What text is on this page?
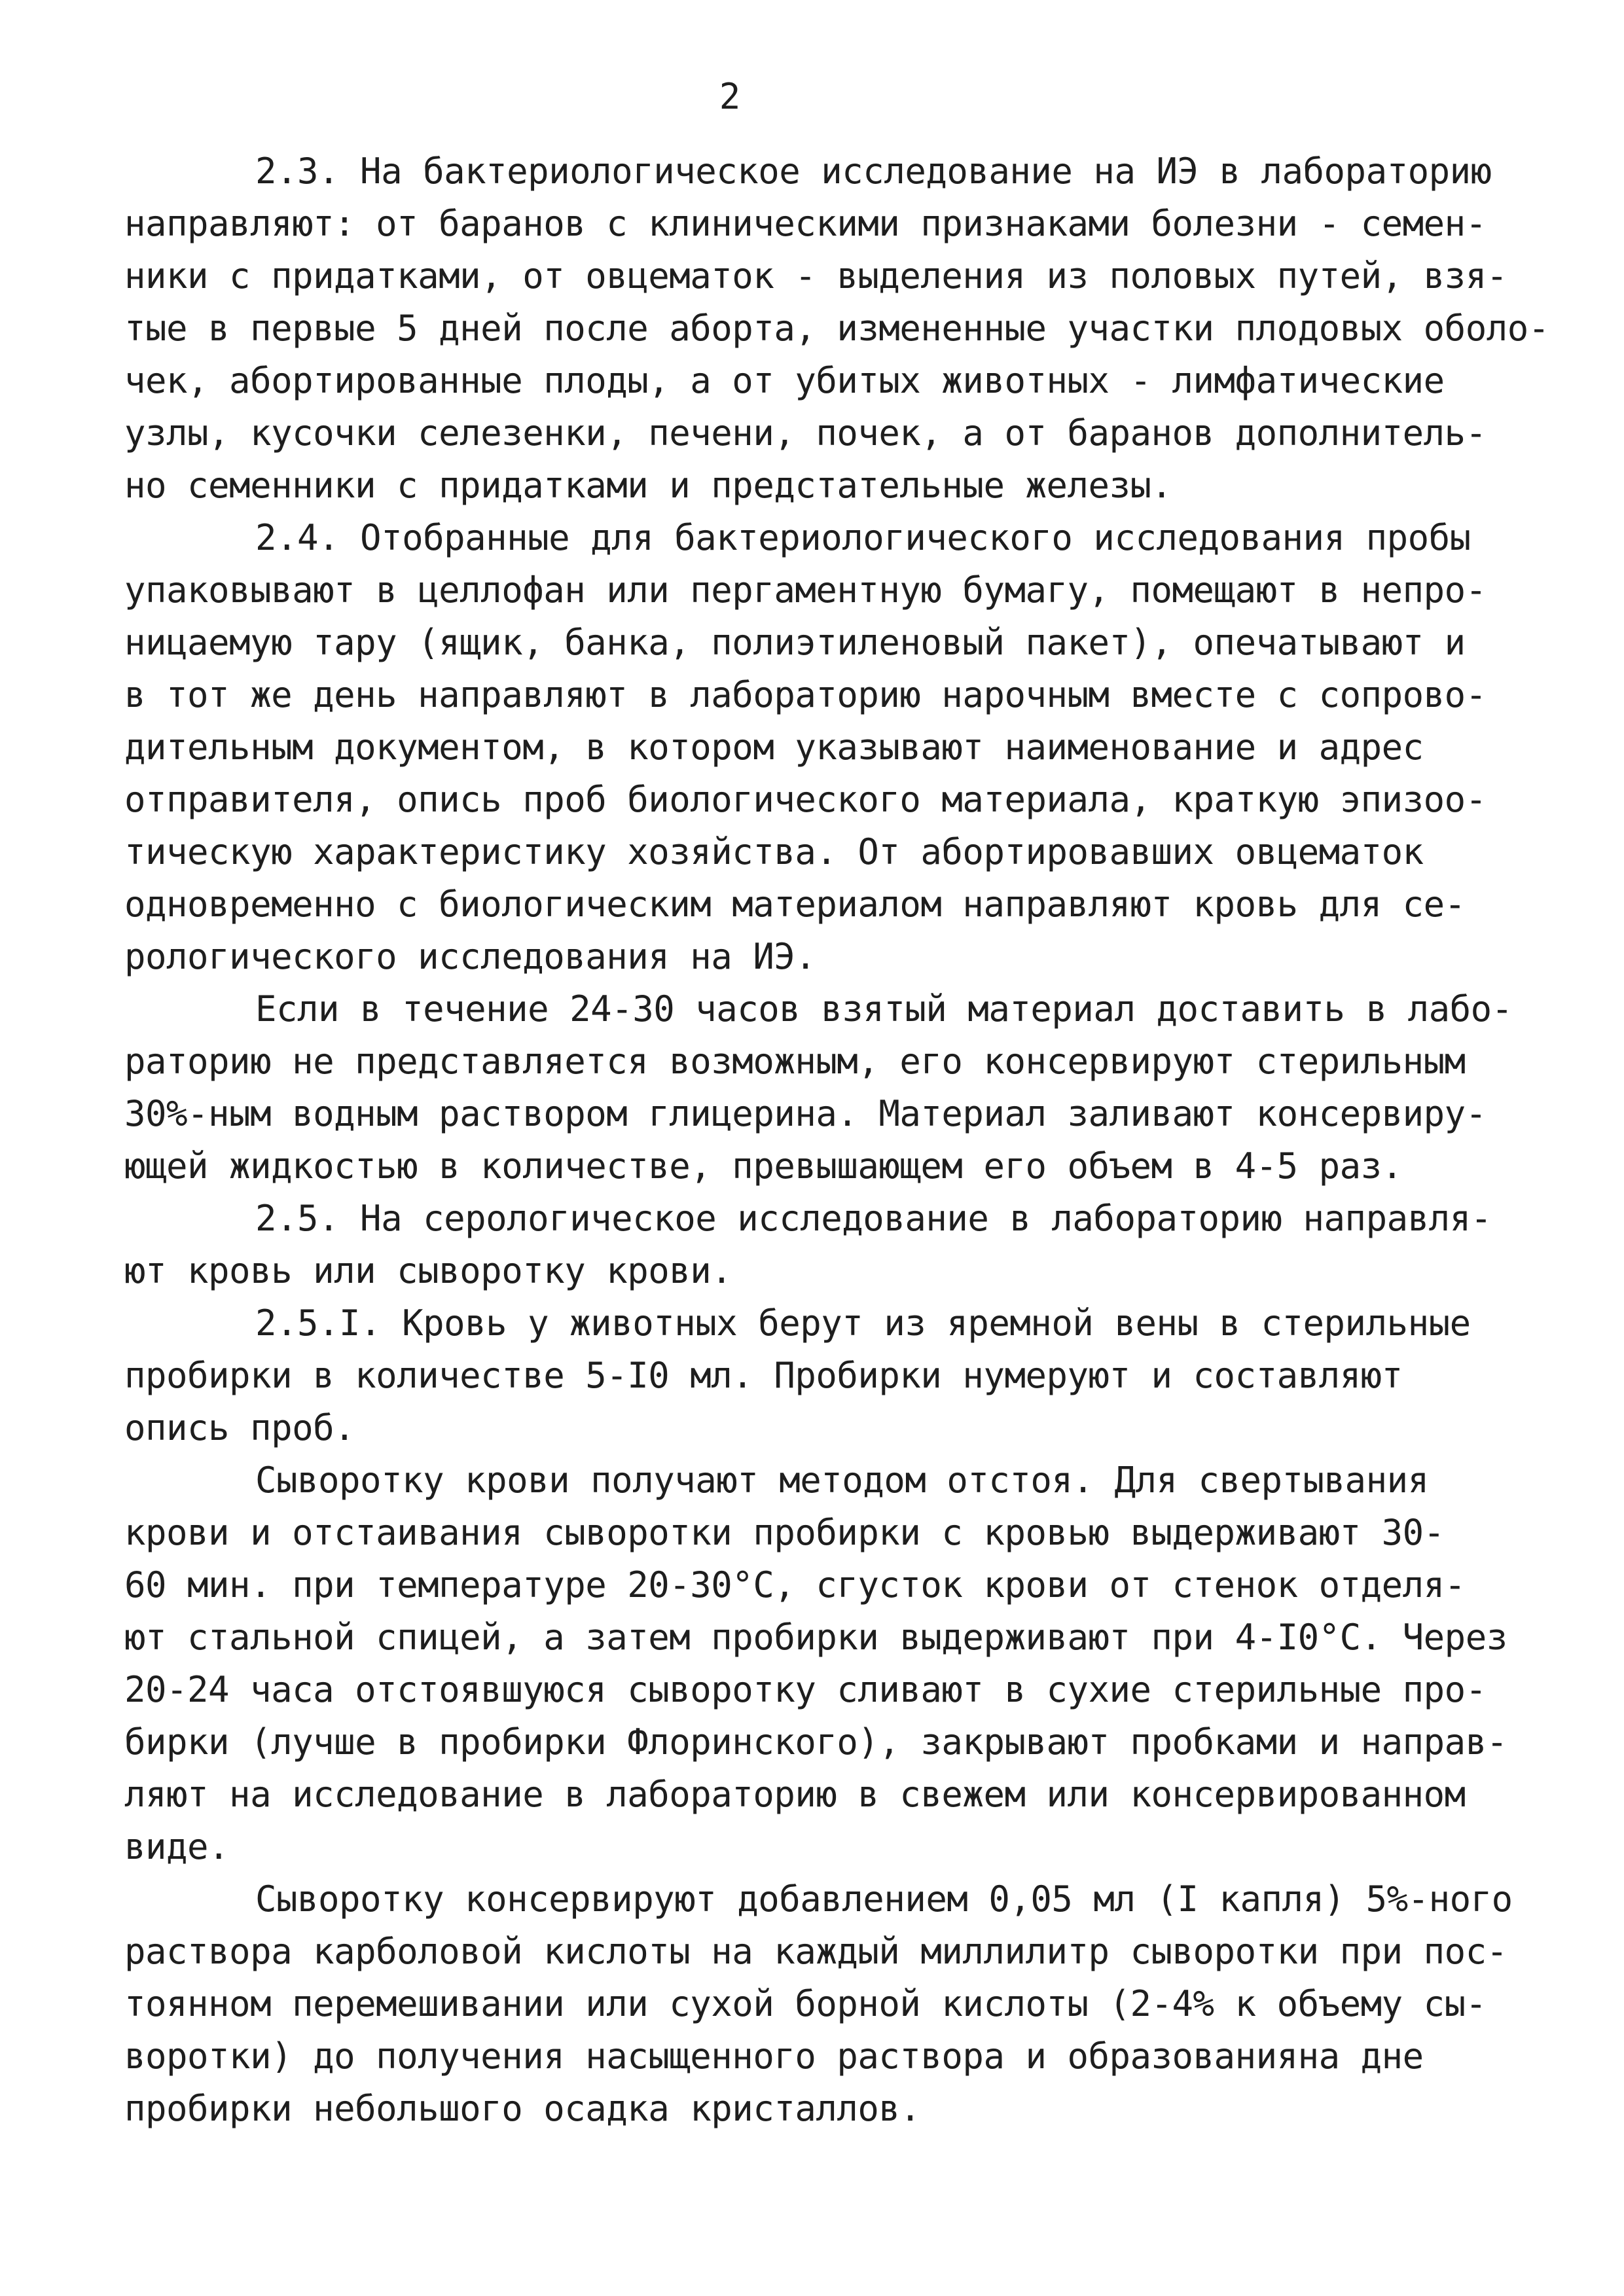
2
2.3. На бактериологическое исследование на ИЭ в лабораторию
направляют: от баранов с клиническими признаками болезни - семен-
ники с придатками, от овцематок - выделения из половых путей, взя-
тые в первые 5 дней после аборта, измененные участки плодовых оболо-
чек, абортированные плоды, а от убитых животных - лимфатические
узлы, кусочки селезенки, печени, почек, а от баранов дополнитель-
но семенники с придатками и предстательные железы.
2.4. Отобранные для бактериологического исследования пробы
упаковывают в целлофан или пергаментную бумагу, помещают в непро-
ницаемую тару (ящик, банка, полиэтиленовый пакет), опечатывают и
в тот же день направляют в лабораторию нарочным вместе с сопрово-
дительным документом, в котором указывают наименование и адрес
отправителя, опись проб биологического материала, краткую эпизоо-
тическую характеристику хозяйства. От абортировавших овцематок
одновременно с биологическим материалом направляют кровь для се-
рологического исследования на ИЭ.
Если в течение 24-30 часов взятый материал доставить в лабо-
раторию не представляется возможным, его консервируют стерильным
30%-ным водным раствором глицерина. Материал заливают консервиру-
ющей жидкостью в количестве, превышающем его объем в 4-5 раз.
2.5. На серологическое исследование в лабораторию направля-
ют кровь или сыворотку крови.
2.5.I. Кровь у животных берут из яремной вены в стерильные
пробирки в количестве 5-I0 мл. Пробирки нумеруют и составляют
опись проб.
Сыворотку крови получают методом отстоя. Для свертывания
крови и отстаивания сыворотки пробирки с кровью выдерживают 30-
60 мин. при температуре 20-30°С, сгусток крови от стенок отделя-
ют стальной спицей, а затем пробирки выдерживают при 4-I0°С. Через
20-24 часа отстоявшуюся сыворотку сливают в сухие стерильные про-
бирки (лучше в пробирки Флоринского), закрывают пробками и направ-
ляют на исследование в лабораторию в свежем или консервированном
виде.
Сыворотку консервируют добавлением 0,05 мл (I капля) 5%-ного
раствора карболовой кислоты на каждый миллилитр сыворотки при пос-
тоянном перемешивании или сухой борной кислоты (2-4% к объему сы-
воротки) до получения насыщенного раствора и образованияна дне
пробирки небольшого осадка кристаллов.
